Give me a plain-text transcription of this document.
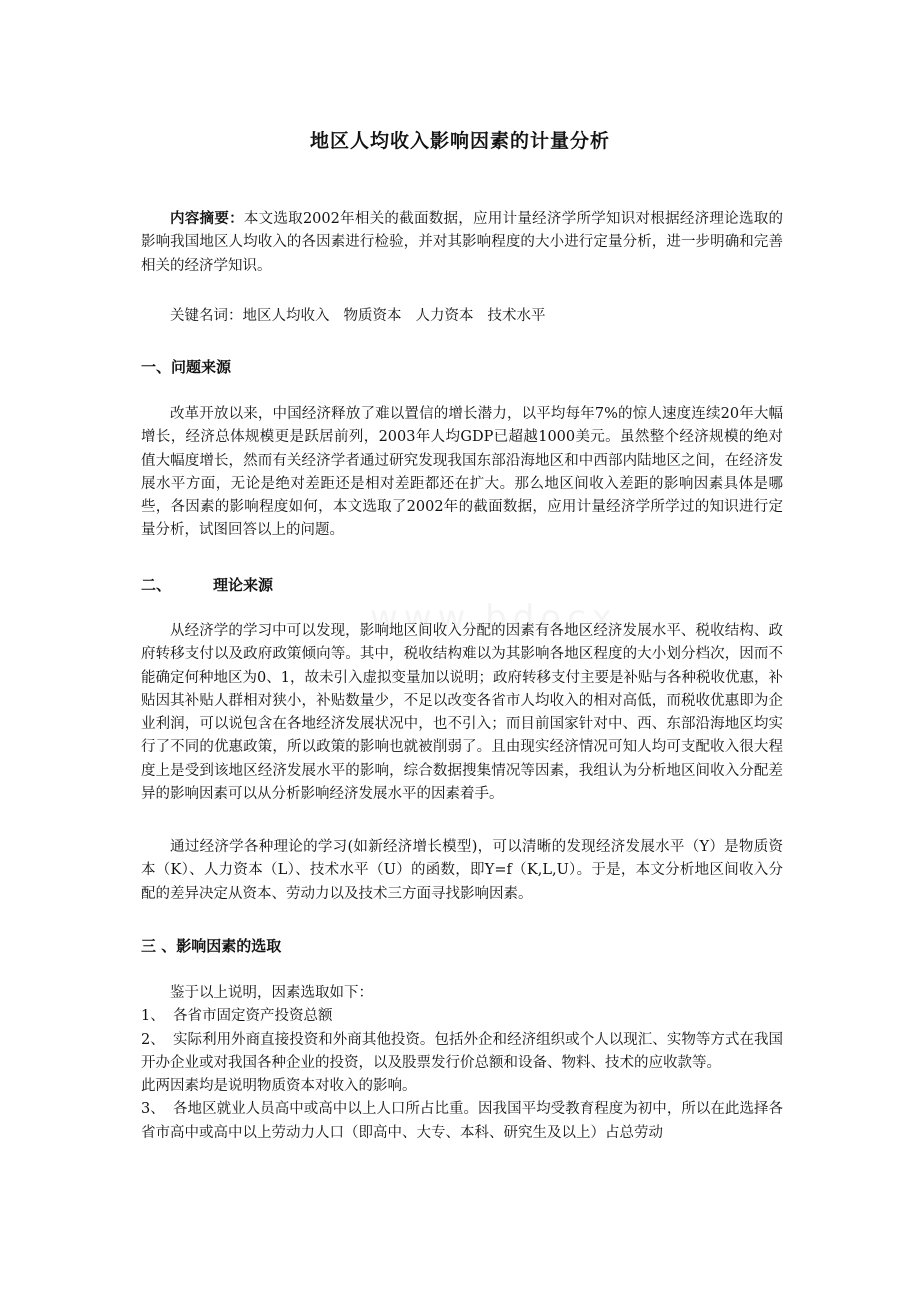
地区人均收入影响因素的计量分析
内容摘要：本文选取2002年相关的截面数据，应用计量经济学所学知识对根据经济理论选取的影响我国地区人均收入的各因素进行检验，并对其影响程度的大小进行定量分析，进一步明确和完善相关的经济学知识。
关键名词：地区人均收入 物质资本 人力资本 技术水平
一、问题来源
改革开放以来，中国经济释放了难以置信的增长潜力，以平均每年7%的惊人速度连续20年大幅增长，经济总体规模更是跃居前列，2003年人均GDP已超越1000美元。虽然整个经济规模的绝对值大幅度增长，然而有关经济学者通过研究发现我国东部沿海地区和中西部内陆地区之间，在经济发展水平方面，无论是绝对差距还是相对差距都还在扩大。那么地区间收入差距的影响因素具体是哪些，各因素的影响程度如何，本文选取了2002年的截面数据，应用计量经济学所学过的知识进行定量分析，试图回答以上的问题。
二、	理论来源
从经济学的学习中可以发现，影响地区间收入分配的因素有各地区经济发展水平、税收结构、政府转移支付以及政府政策倾向等。其中，税收结构难以为其影响各地区程度的大小划分档次，因而不能确定何种地区为0、1，故未引入虚拟变量加以说明；政府转移支付主要是补贴与各种税收优惠，补贴因其补贴人群相对狭小，补贴数量少，不足以改变各省市人均收入的相对高低，而税收优惠即为企业利润，可以说包含在各地经济发展状况中，也不引入；而目前国家针对中、西、东部沿海地区均实行了不同的优惠政策，所以政策的影响也就被削弱了。且由现实经济情况可知人均可支配收入很大程度上是受到该地区经济发展水平的影响，综合数据搜集情况等因素，我组认为分析地区间收入分配差异的影响因素可以从分析影响经济发展水平的因素着手。
通过经济学各种理论的学习(如新经济增长模型)，可以清晰的发现经济发展水平（Y）是物质资本（K）、人力资本（L）、技术水平（U）的函数，即Y=f（K,L,U）。于是，本文分析地区间收入分配的差异决定从资本、劳动力以及技术三方面寻找影响因素。
三 、影响因素的选取

鉴于以上说明，因素选取如下：

1、 各省市固定资产投资总额

2、 实际利用外商直接投资和外商其他投资。包括外企和经济组织或个人以现汇、实物等方式在我国开办企业或对我国各种企业的投资，以及股票发行价总额和设备、物料、技术的应收款等。

此两因素均是说明物质资本对收入的影响。

3、 各地区就业人员高中或高中以上人口所占比重。因我国平均受教育程度为初中，所以在此选择各省市高中或高中以上劳动力人口（即高中、大专、本科、研究生及以上）占总劳动
